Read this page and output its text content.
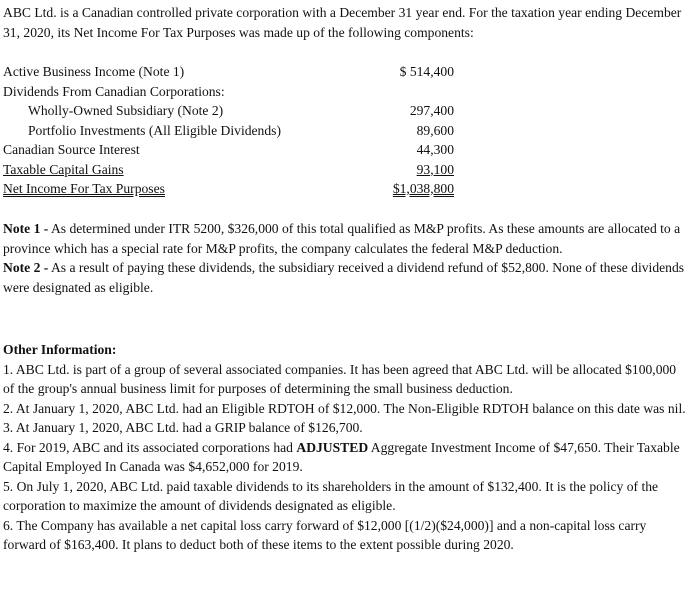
ABC Ltd. is a Canadian controlled private corporation with a December 31 year end. For the taxation year ending December 31, 2020, its Net Income For Tax Purposes was made up of the following components:

Active Business Income (Note 1)	$ 514,400
Dividends From Canadian Corporations:
Wholly-Owned Subsidiary (Note 2)	297,400
Portfolio Investments (All Eligible Dividends)	89,600
Canadian Source Interest	44,300
Taxable Capital Gains	93,100
Net Income For Tax Purposes	$1,038,800

Note 1 - As determined under ITR 5200, $326,000 of this total qualified as M&P profits. As these amounts are allocated to a province which has a special rate for M&P profits, the company calculates the federal M&P deduction.

Note 2 - As a result of paying these dividends, the subsidiary received a dividend refund of $52,800. None of these dividends were designated as eligible.

Other Information:

1. ABC Ltd. is part of a group of several associated companies. It has been agreed that ABC Ltd. will be allocated $100,000 of the group's annual business limit for purposes of determining the small business deduction.

2. At January 1, 2020, ABC Ltd. had an Eligible RDTOH of $12,000. The Non-Eligible RDTOH balance on this date was nil.

3. At January 1, 2020, ABC Ltd. had a GRIP balance of $126,700.

4. For 2019, ABC and its associated corporations had ADJUSTED Aggregate Investment Income of $47,650. Their Taxable Capital Employed In Canada was $4,652,000 for 2019.

5. On July 1, 2020, ABC Ltd. paid taxable dividends to its shareholders in the amount of $132,400. It is the policy of the corporation to maximize the amount of dividends designated as eligible.

6. The Company has available a net capital loss carry forward of $12,000 [(1/2)($24,000)] and a non-capital loss carry forward of $163,400. It plans to deduct both of these items to the extent possible during 2020.
